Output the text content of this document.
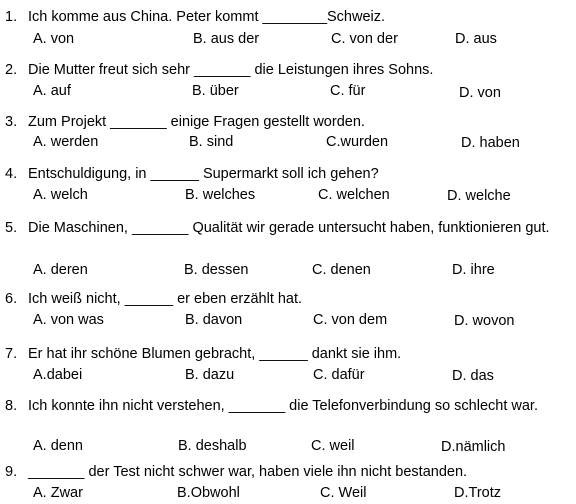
1. Ich komme aus China. Peter kommt ________Schweiz.
A. von	B. aus der	C. von der	D. aus
2. Die Mutter freut sich sehr _______ die Leistungen ihres Sohns.
A. auf	B. über	C. für	D. von
3. Zum Projekt _______ einige Fragen gestellt worden.
A. werden	B. sind	C.wurden	D. haben
4. Entschuldigung, in ______ Supermarkt soll ich gehen?
A. welch	B. welches	C. welchen	D. welche
5. Die Maschinen, _______ Qualität wir gerade untersucht haben, funktionieren gut.
A. deren	B. dessen	C. denen	D. ihre
6. Ich weiß nicht, ______ er eben erzählt hat.
A. von was	B. davon	C. von dem	D. wovon
7. Er hat ihr schöne Blumen gebracht, ______ dankt sie ihm.
A.dabei	B. dazu	C. dafür	D. das
8. Ich konnte ihn nicht verstehen, _______ die Telefonverbindung so schlecht war.
A. denn	B. deshalb	C. weil	D.nämlich
9. _______ der Test nicht schwer war, haben viele ihn nicht bestanden.
A. Zwar	B.Obwohl	C. Weil	D.Trotz
